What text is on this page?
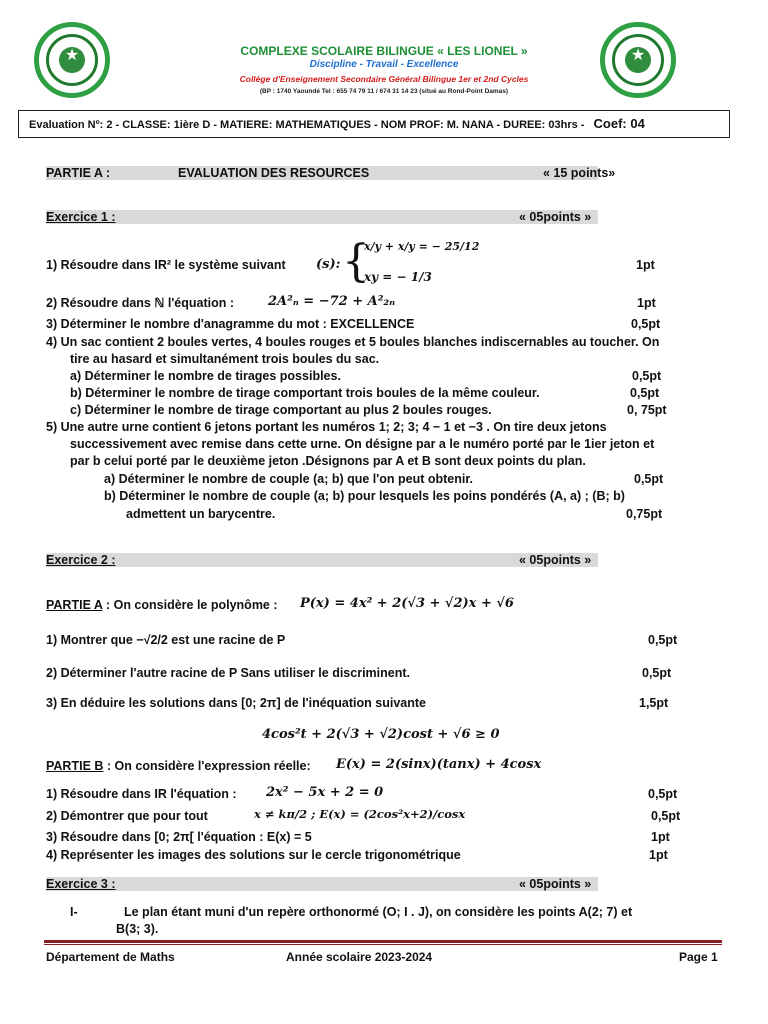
★	★
COMPLEXE SCOLAIRE BILINGUE « LES LIONEL »
Discipline - Travail - Excellence
Collège d'Enseignement Secondaire Général Bilingue 1er et 2nd Cycles
(BP : 1740 Yaoundé Tel : 655 74 79 11 / 674 31 14 23 (situé au Rond-Point Damas)
Evaluation Nº: 2 - CLASSE: 1ière D - MATIERE: MATHEMATIQUES - NOM PROF: M. NANA - DUREE: 03hrs - Coef: 04
PARTIE A :	EVALUATION DES RESOURCES	« 15 points»
Exercice 1 :	« 05points »
1) Résoudre dans IR² le système suivant (s): {
x/y + x/y = − 25/12
xy = − 1/3
1pt
2) Résoudre dans ℕ l'équation :	2A²ₙ = −72 + A²₂ₙ	1pt
3) Déterminer le nombre d'anagramme du mot : EXCELLENCE	0,5pt
4) Un sac contient 2 boules vertes, 4 boules rouges et 5 boules blanches indiscernables au toucher. On
tire au hasard et simultanément trois boules du sac.
a) Déterminer le nombre de tirages possibles.	0,5pt
b) Déterminer le nombre de tirage comportant trois boules de la même couleur.	0,5pt
c) Déterminer le nombre de tirage comportant au plus 2 boules rouges.	0, 75pt
5) Une autre urne contient 6 jetons portant les numéros 1; 2; 3; 4 − 1 et −3 . On tire deux jetons
successivement avec remise dans cette urne. On désigne par a le numéro porté par le 1ier jeton et
par b celui porté par le deuxième jeton .Désignons par A et B sont deux points du plan.
a) Déterminer le nombre de couple (a; b) que l'on peut obtenir.	0,5pt
b) Déterminer le nombre de couple (a; b) pour lesquels les poins pondérés (A, a) ; (B; b)
admettent un barycentre.	0,75pt
Exercice 2 :	« 05points »
PARTIE A : On considère le polynôme : P(x) = 4x² + 2(√3 + √2)x + √6
1) Montrer que −√2/2 est une racine de P	0,5pt
2) Déterminer l'autre racine de P Sans utiliser le discriminent.	0,5pt
3) En déduire les solutions dans [0; 2π] de l'inéquation suivante	1,5pt
4cos²t + 2(√3 + √2)cost + √6 ≥ 0
PARTIE B : On considère l'expression réelle: E(x) = 2(sinx)(tanx) + 4cosx
1) Résoudre dans IR l'équation : 2x² − 5x + 2 = 0	0,5pt
2) Démontrer que pour tout	x ≠ kπ/2 ; E(x) = (2cos²x+2)/cosx	0,5pt
3) Résoudre dans [0; 2π[ l'équation : E(x) = 5	1pt
4) Représenter les images des solutions sur le cercle trigonométrique	1pt
Exercice 3 :	« 05points »
I-	Le plan étant muni d'un repère orthonormé (O; I . J), on considère les points A(2; 7) et
B(3; 3).
Département de Maths	Année scolaire 2023-2024	Page 1
